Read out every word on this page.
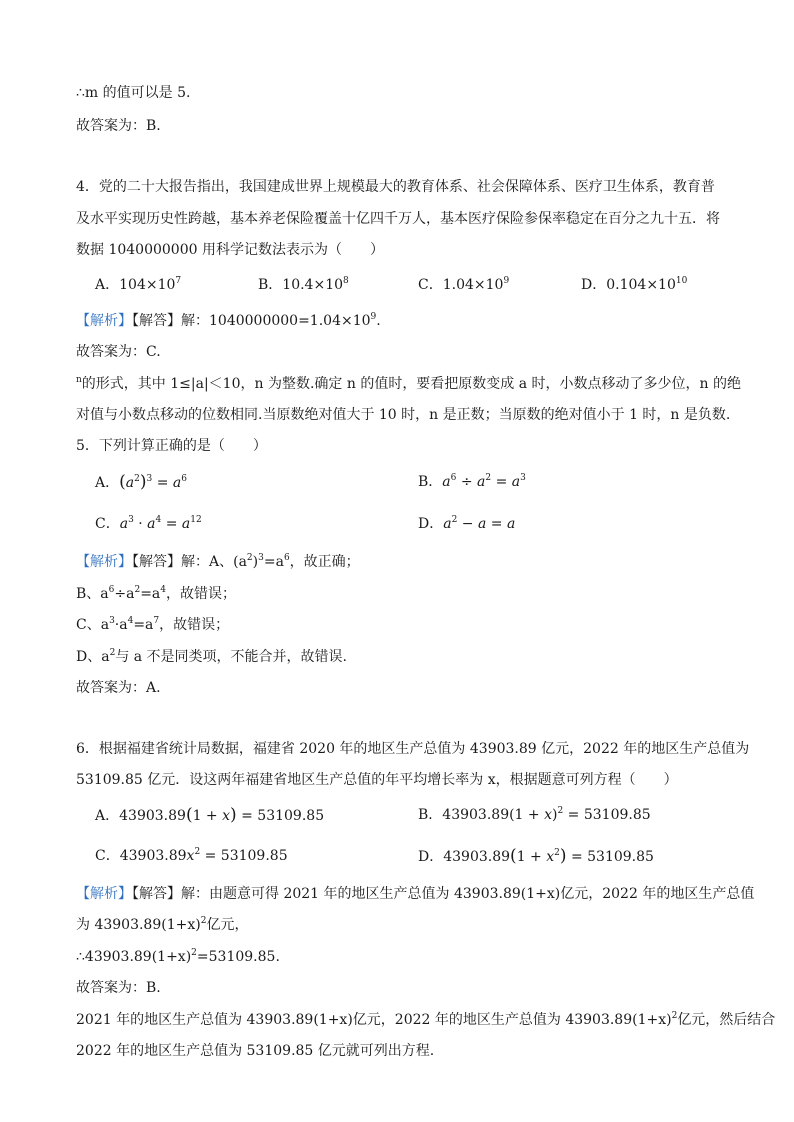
∴m 的值可以是 5.
故答案为：B.
4．党的二十大报告指出，我国建成世界上规模最大的教育体系、社会保障体系、医疗卫生体系，教育普
及水平实现历史性跨越，基本养老保险覆盖十亿四千万人，基本医疗保险参保率稳定在百分之九十五．将
数据 1040000000 用科学记数法表示为（　　）
A．$104\times 10^7$	B．$10.4\times 10^8$	C．$1.04\times 10^9$	D．$0.104\times 10^{10}$
【解析】【解答】解：$1040000000=1.04\times 10^9$.
故答案为：C.
$^n$的形式，其中 1≤|a|＜10，n 为整数.确定 n 的值时，要看把原数变成 a 时，小数点移动了多少位，n 的绝
对值与小数点移动的位数相同.当原数绝对值大于 10 时，n 是正数；当原数的绝对值小于 1 时，n 是负数.
5．下列计算正确的是（　　）
A．$(a^2)^3 = a^6$	B．$a^6 \div a^2 = a^3$
C．$a^3 \cdot a^4 = a^{12}$	D．$a^2 - a = a$
【解析】【解答】解：A、$(a^2)^3=a^6$，故正确；
B、$a^6\div a^2=a^4$，故错误；
C、$a^3\cdot a^4=a^7$，故错误；
D、$a^2$与 a 不是同类项，不能合并，故错误.
故答案为：A.
6．根据福建省统计局数据，福建省 2020 年的地区生产总值为 43903.89 亿元，2022 年的地区生产总值为
53109.85 亿元．设这两年福建省地区生产总值的年平均增长率为 x，根据题意可列方程（　　）
A．43903.89(1 + x) = 53109.85	B．$43903.89(1 + x)^2 = 53109.85$
C．$43903.89x^2 = 53109.85$	D．$43903.89(1 + x^2) = 53109.85$
【解析】【解答】解：由题意可得 2021 年的地区生产总值为 43903.89(1+x)亿元，2022 年的地区生产总值
为 $43903.89(1+x)^2$亿元，
$\therefore 43903.89(1+x)^2=53109.85$.
故答案为：B.
2021 年的地区生产总值为 43903.89(1+x)亿元，2022 年的地区生产总值为 $43903.89(1+x)^2$亿元，然后结合
2022 年的地区生产总值为 53109.85 亿元就可列出方程.
